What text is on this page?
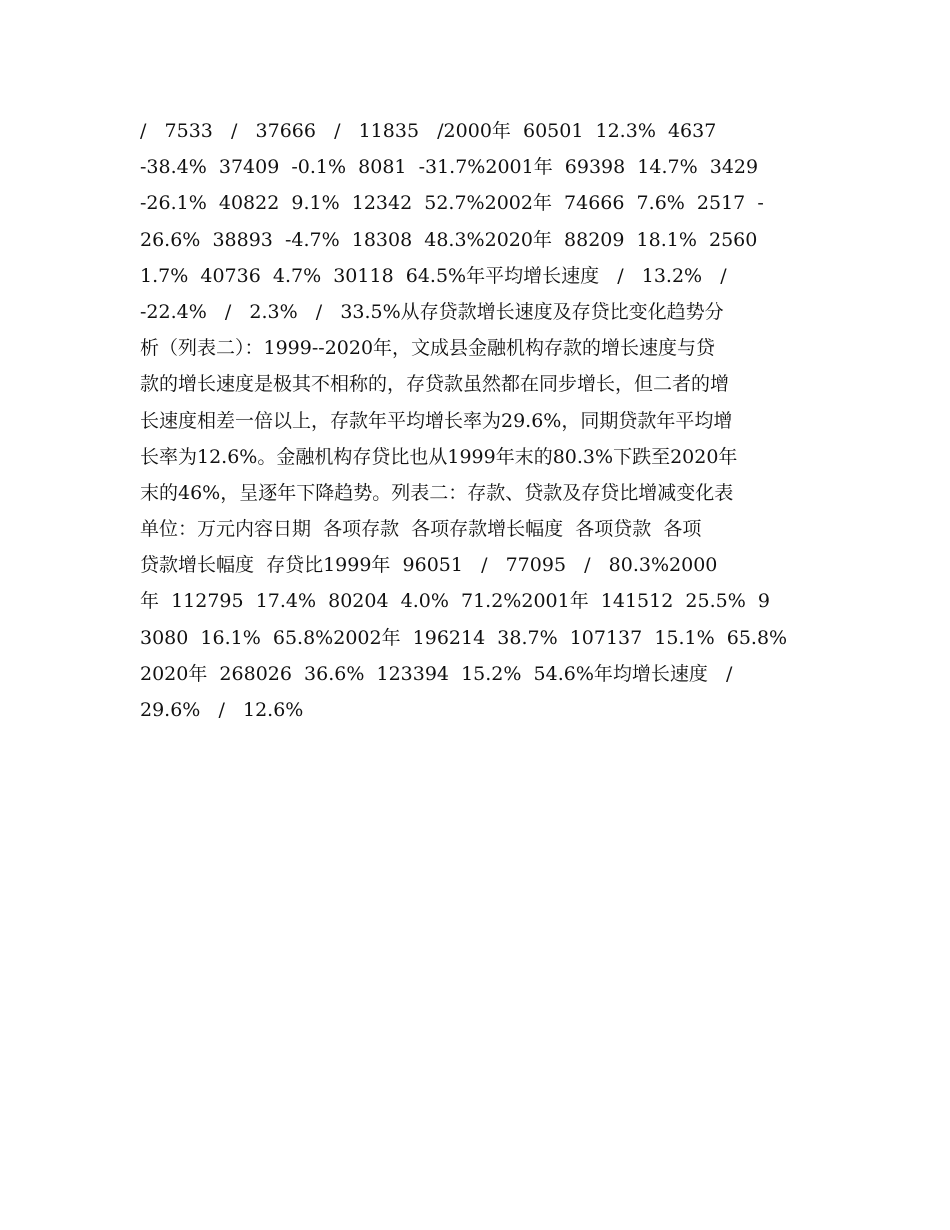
/   7533   /   37666   /   11835   /2000年  60501  12.3%  4637
-38.4%  37409  -0.1%  8081  -31.7%2001年  69398  14.7%  3429
-26.1%  40822  9.1%  12342  52.7%2002年  74666  7.6%  2517  -
26.6%  38893  -4.7%  18308  48.3%2020年  88209  18.1%  2560
1.7%  40736  4.7%  30118  64.5%年平均增长速度   /   13.2%   /
-22.4%   /   2.3%   /   33.5%从存贷款增长速度及存贷比变化趋势分
析（列表二）：1999--2020年，文成县金融机构存款的增长速度与贷
款的增长速度是极其不相称的，存贷款虽然都在同步增长，但二者的增
长速度相差一倍以上，存款年平均增长率为29.6%，同期贷款年平均增
长率为12.6%。金融机构存贷比也从1999年末的80.3%下跌至2020年
末的46%，呈逐年下降趋势。列表二：存款、贷款及存贷比增减变化表
单位：万元内容日期  各项存款  各项存款增长幅度  各项贷款  各项
贷款增长幅度  存贷比1999年  96051   /   77095   /   80.3%2000
年  112795  17.4%  80204  4.0%  71.2%2001年  141512  25.5%  9
3080  16.1%  65.8%2002年  196214  38.7%  107137  15.1%  65.8%
2020年  268026  36.6%  123394  15.2%  54.6%年均增长速度   /
29.6%   /   12.6%
